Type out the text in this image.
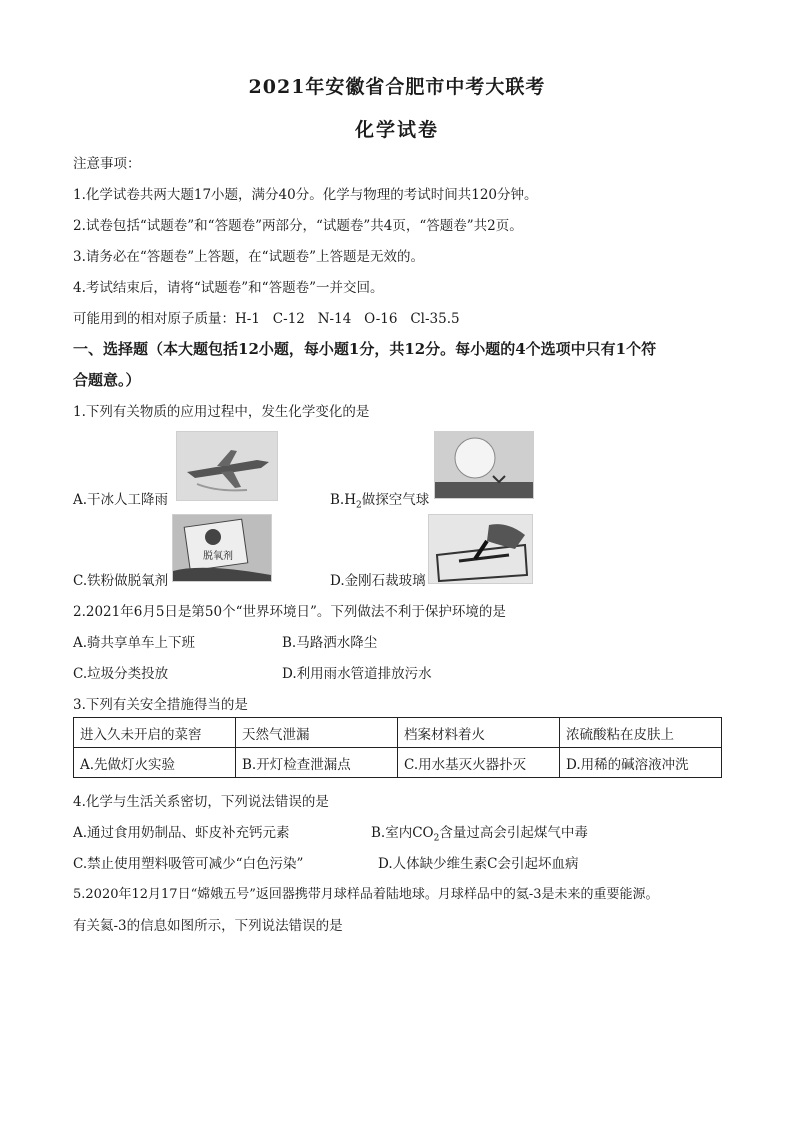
2021年安徽省合肥市中考大联考
化学试卷
注意事项：
1.化学试卷共两大题17小题，满分40分。化学与物理的考试时间共120分钟。
2.试卷包括“试题卷”和“答题卷”两部分，“试题卷”共4页，“答题卷”共2页。
3.请务必在“答题卷”上答题，在“试题卷”上答题是无效的。
4.考试结束后，请将“试题卷”和“答题卷”一并交回。
可能用到的相对原子质量：H-1   C-12   N-14   O-16   Cl-35.5
一、选择题（本大题包括12小题，每小题1分，共12分。每小题的4个选项中只有1个符
合题意。）
1.下列有关物质的应用过程中，发生化学变化的是
脱氧剂
A.干冰人工降雨	$B.H_2$做探空气球
C.铁粉做脱氧剂	D.金刚石裁玻璃
2.2021年6月5日是第50个“世界环境日”。下列做法不利于保护环境的是
A.骑共享单车上下班	B.马路洒水降尘
C.垃圾分类投放	D.利用雨水管道排放污水
3.下列有关安全措施得当的是
进入久未开启的菜窖	天然气泄漏	档案材料着火	浓硫酸粘在皮肤上
A.先做灯火实验	B.开灯检查泄漏点	C.用水基灭火器扑灭	D.用稀的碱溶液冲洗
4.化学与生活关系密切，下列说法错误的是
A.通过食用奶制品、虾皮补充钙元素	B.室内$CO_2$含量过高会引起煤气中毒
C.禁止使用塑料吸管可减少“白色污染”	D.人体缺少维生素C会引起坏血病
5.2020年12月17日“嫦娥五号”返回器携带月球样品着陆地球。月球样品中的氦-3是未来的重要能源。
有关氦-3的信息如图所示，下列说法错误的是
